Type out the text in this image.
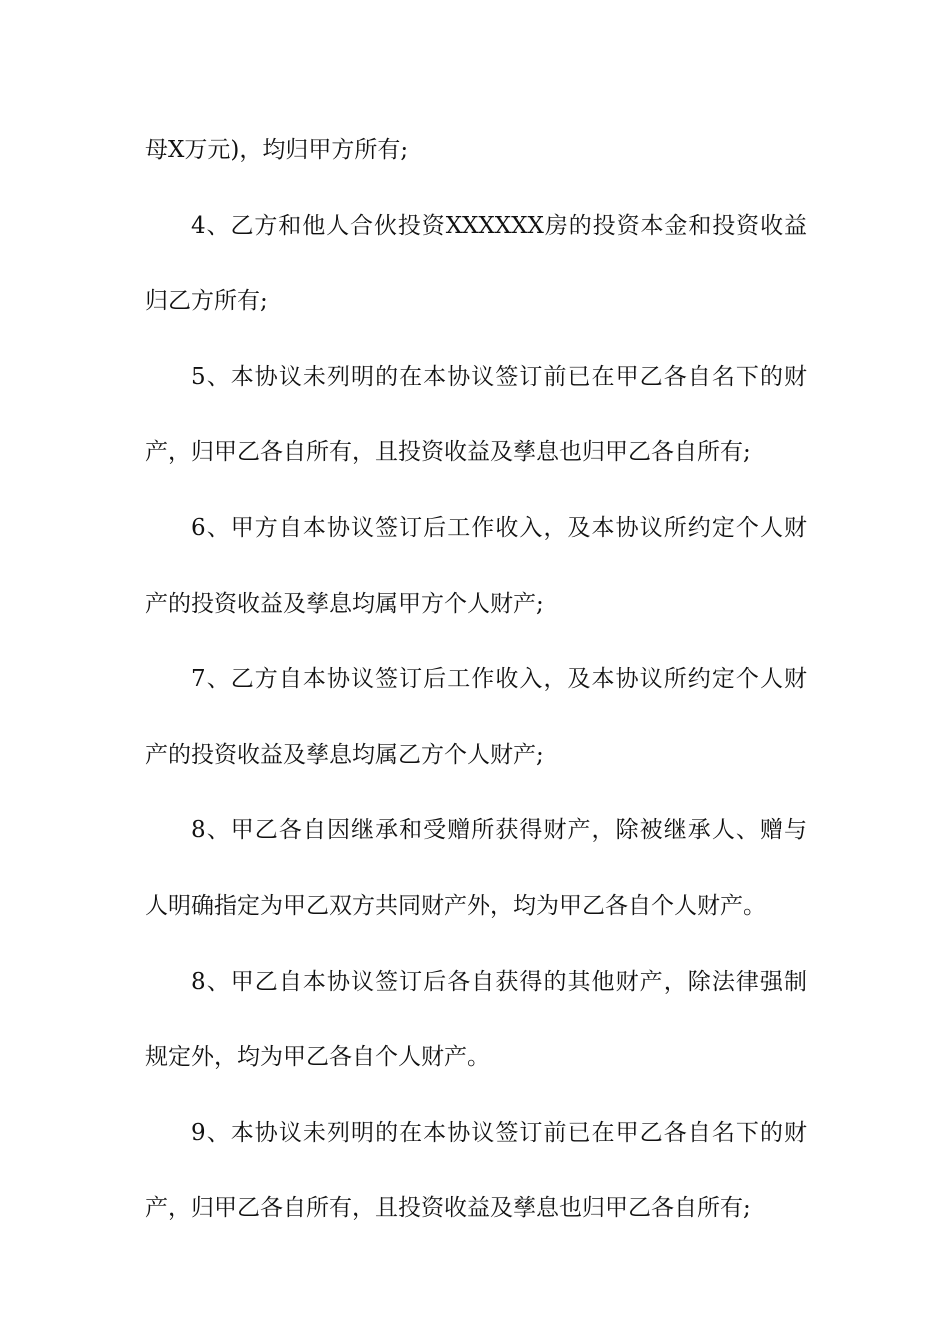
母X万元)，均归甲方所有;
4、乙方和他人合伙投资XXXXXX房的投资本金和投资收益
归乙方所有;
5、本协议未列明的在本协议签订前已在甲乙各自名下的财
产，归甲乙各自所有，且投资收益及孳息也归甲乙各自所有;
6、甲方自本协议签订后工作收入，及本协议所约定个人财
产的投资收益及孳息均属甲方个人财产;
7、乙方自本协议签订后工作收入，及本协议所约定个人财
产的投资收益及孳息均属乙方个人财产;
8、甲乙各自因继承和受赠所获得财产，除被继承人、赠与
人明确指定为甲乙双方共同财产外，均为甲乙各自个人财产。
8、甲乙自本协议签订后各自获得的其他财产，除法律强制
规定外，均为甲乙各自个人财产。
9、本协议未列明的在本协议签订前已在甲乙各自名下的财
产，归甲乙各自所有，且投资收益及孳息也归甲乙各自所有;
